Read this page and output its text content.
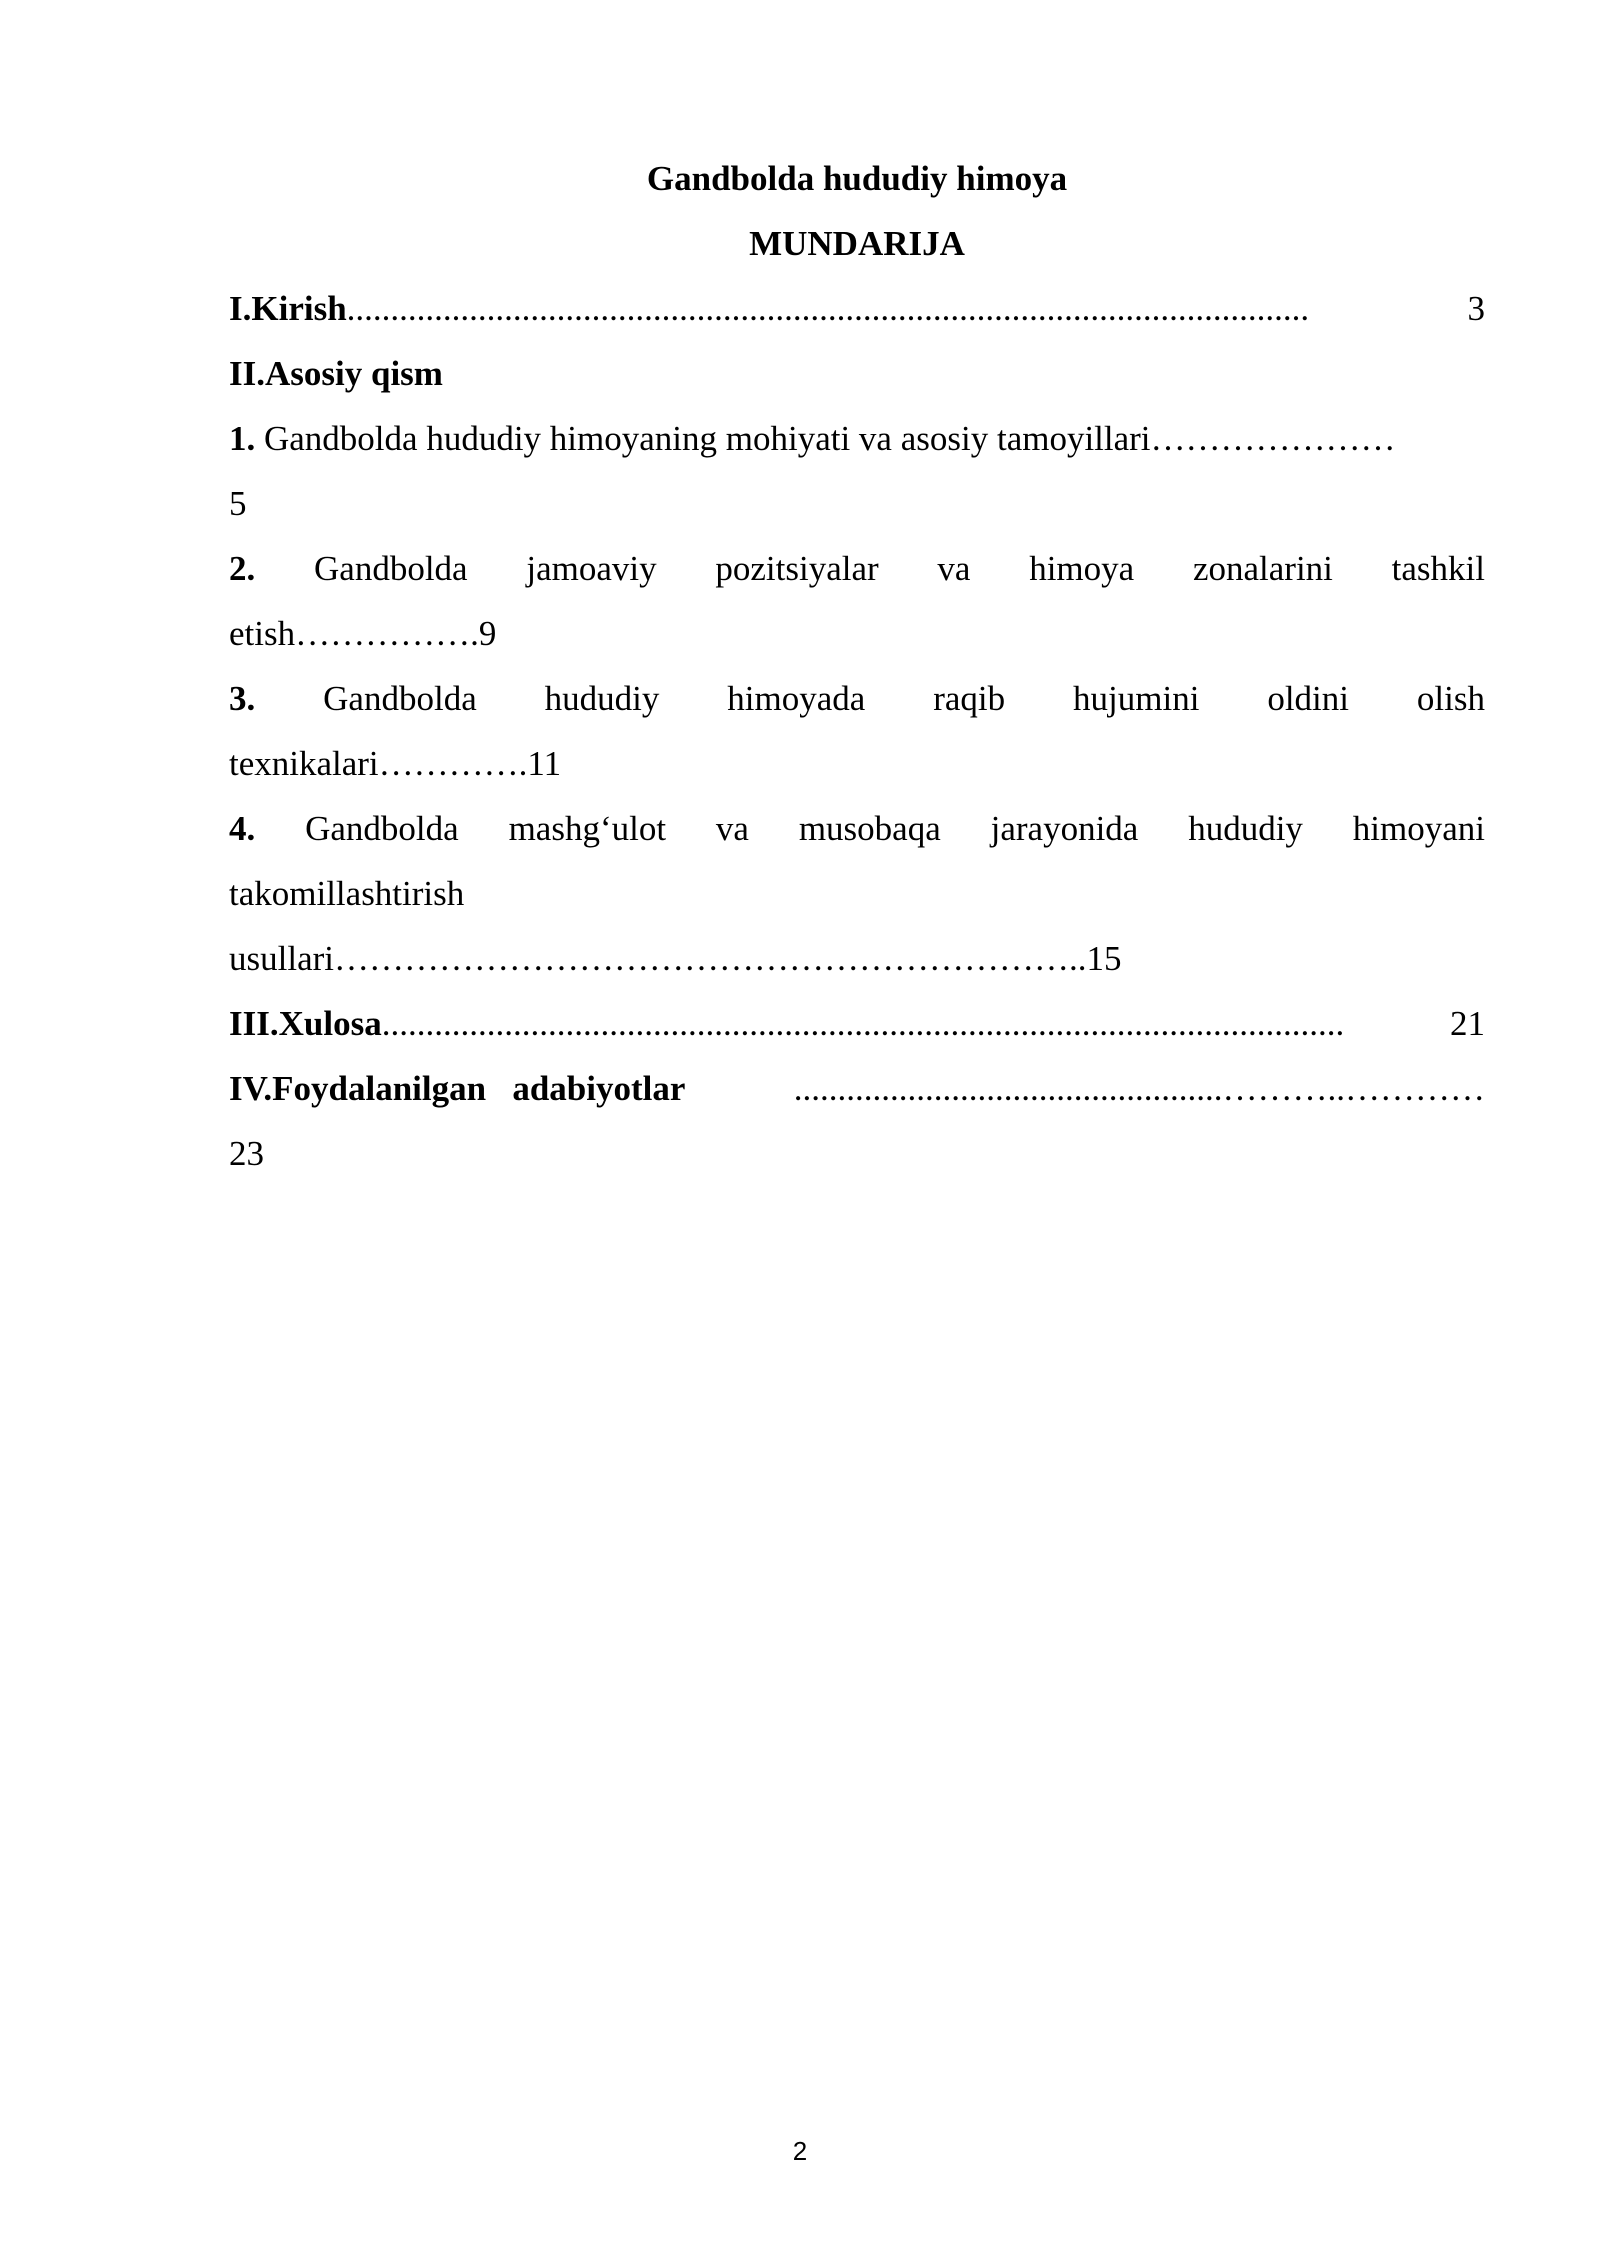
Gandbolda hududiy himoya
MUNDARIJA
I.Kirish ..............................................................................................................	3
II.Asosiy qism
1. Gandbolda hududiy himoyaning mohiyati va asosiy tamoyillari…………………
5
2. Gandbolda jamoaviy pozitsiyalar va himoya zonalarini tashkil
etish…………….9
3. Gandbolda hududiy himoyada raqib hujumini oldini olish
texnikalari………….11
4. Gandbolda mashg‘ulot va musobaqa jarayonida hududiy himoyani
takomillashtirish
usullari………………………………………………………..15
III.Xulosa ..............................................................................................................	21
IV.Foydalanilgan   adabiyotlar	.................................................………..…………
23
2
